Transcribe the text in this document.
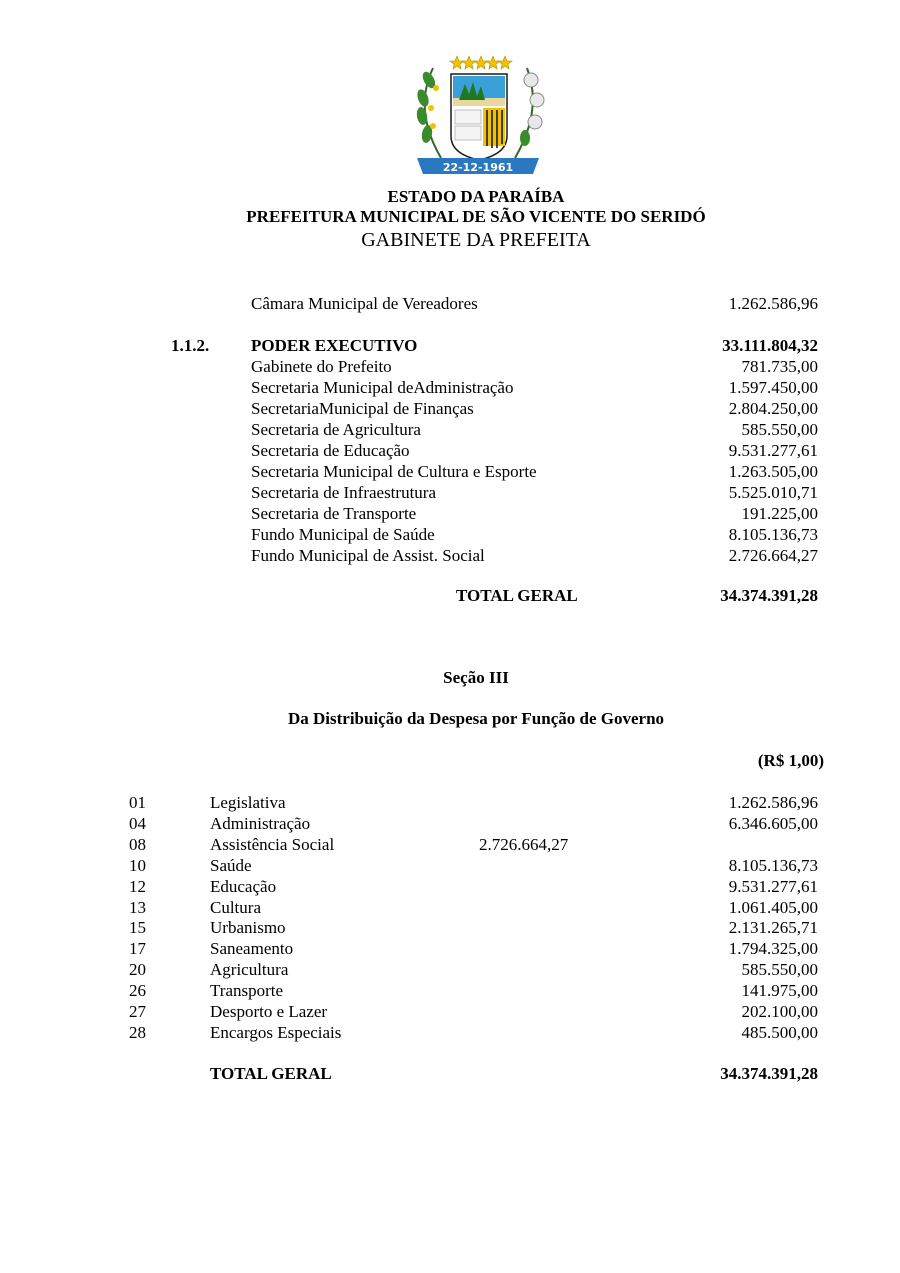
22-12-1961
ESTADO DA PARAÍBA
PREFEITURA MUNICIPAL DE SÃO VICENTE DO SERIDÓ
GABINETE DA PREFEITA
Câmara Municipal de Vereadores	1.262.586,96
1.1.2. PODER EXECUTIVO	33.111.804,32
Gabinete do Prefeito	781.735,00
Secretaria Municipal deAdministração	1.597.450,00
SecretariaMunicipal de Finanças	2.804.250,00
Secretaria de Agricultura	585.550,00
Secretaria de Educação	9.531.277,61
Secretaria Municipal de Cultura e Esporte	1.263.505,00
Secretaria de Infraestrutura	5.525.010,71
Secretaria de Transporte	191.225,00
Fundo Municipal de Saúde	8.105.136,73
Fundo Municipal de Assist. Social	2.726.664,27
TOTAL GERAL	34.374.391,28
Seção III
Da Distribuição da Despesa por Função de Governo
(R$ 1,00)
01	Legislativa	1.262.586,96
04	Administração	6.346.605,00
08	Assistência Social	2.726.664,27
10	Saúde	8.105.136,73
12	Educação	9.531.277,61
13	Cultura	1.061.405,00
15	Urbanismo	2.131.265,71
17	Saneamento	1.794.325,00
20	Agricultura	585.550,00
26	Transporte	141.975,00
27	Desporto e Lazer	202.100,00
28	Encargos Especiais	485.500,00
TOTAL GERAL	34.374.391,28
